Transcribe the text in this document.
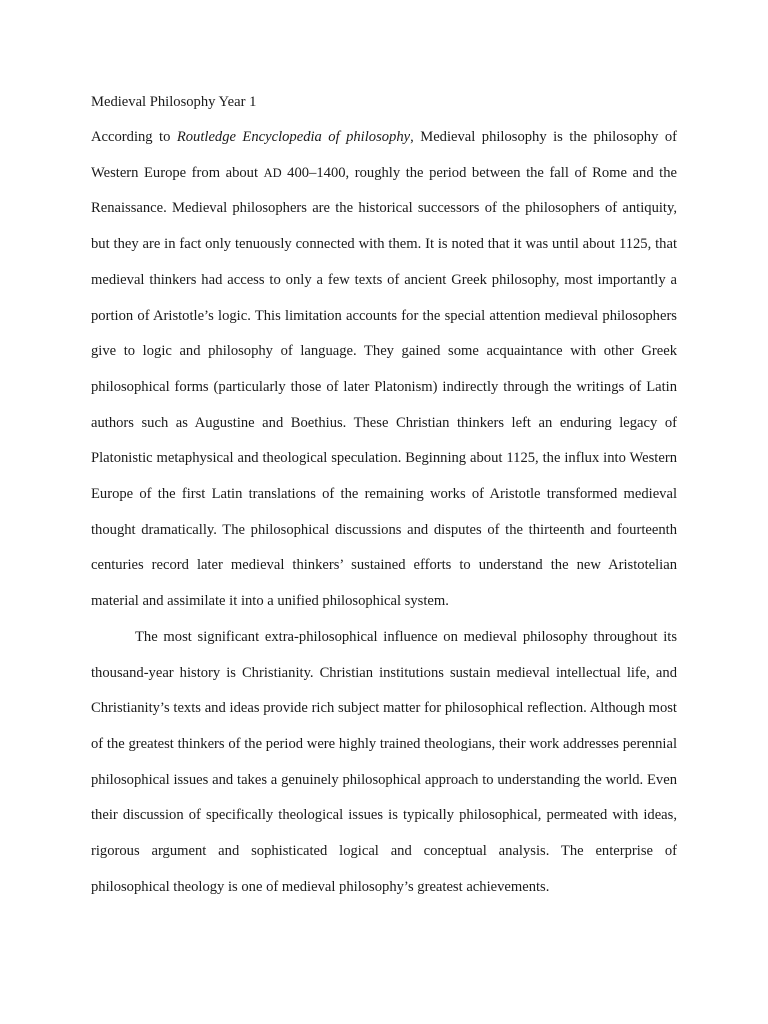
Medieval Philosophy Year 1

According to Routledge Encyclopedia of philosophy, Medieval philosophy is the philosophy of Western Europe from about AD 400–1400, roughly the period between the fall of Rome and the Renaissance. Medieval philosophers are the historical successors of the philosophers of antiquity, but they are in fact only tenuously connected with them. It is noted that it was until about 1125, that medieval thinkers had access to only a few texts of ancient Greek philosophy, most importantly a portion of Aristotle’s logic. This limitation accounts for the special attention medieval philosophers give to logic and philosophy of language. They gained some acquaintance with other Greek philosophical forms (particularly those of later Platonism) indirectly through the writings of Latin authors such as Augustine and Boethius. These Christian thinkers left an enduring legacy of Platonistic metaphysical and theological speculation. Beginning about 1125, the influx into Western Europe of the first Latin translations of the remaining works of Aristotle transformed medieval thought dramatically. The philosophical discussions and disputes of the thirteenth and fourteenth centuries record later medieval thinkers’ sustained efforts to understand the new Aristotelian material and assimilate it into a unified philosophical system.

The most significant extra-philosophical influence on medieval philosophy throughout its thousand-year history is Christianity. Christian institutions sustain medieval intellectual life, and Christianity’s texts and ideas provide rich subject matter for philosophical reflection. Although most of the greatest thinkers of the period were highly trained theologians, their work addresses perennial philosophical issues and takes a genuinely philosophical approach to understanding the world. Even their discussion of specifically theological issues is typically philosophical, permeated with ideas, rigorous argument and sophisticated logical and conceptual analysis. The enterprise of philosophical theology is one of medieval philosophy’s greatest achievements.
